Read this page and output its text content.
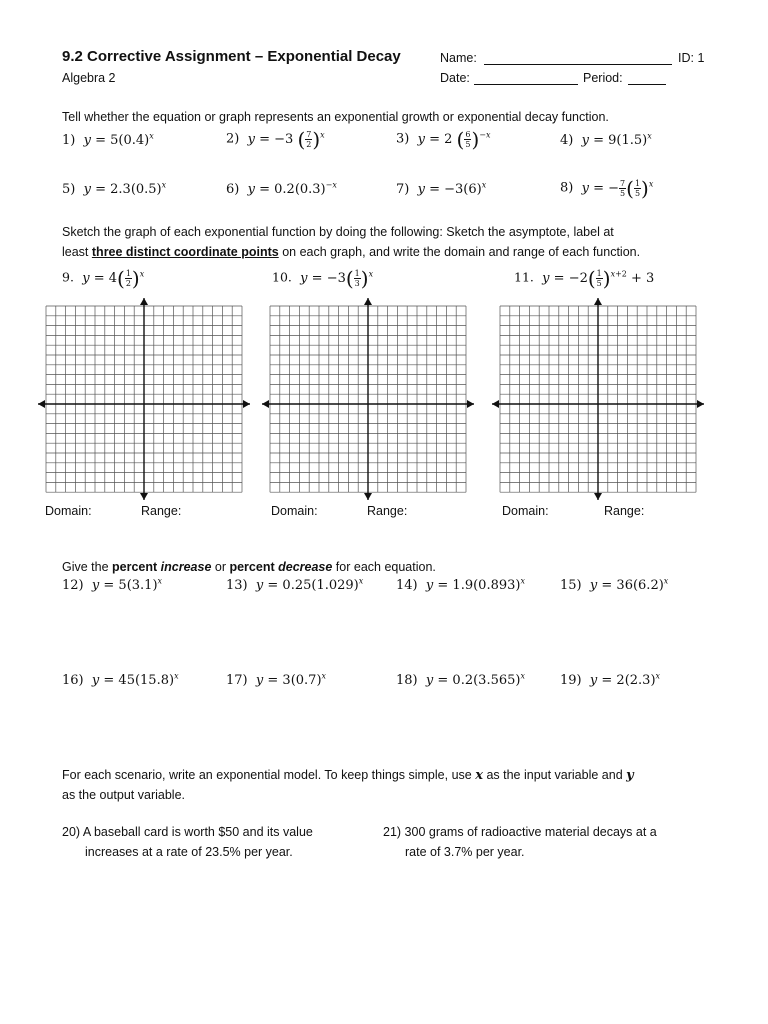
9.2 Corrective Assignment – Exponential Decay
Algebra 2
Name:	ID: 1
Date:	Period:
Tell whether the equation or graph represents an exponential growth or exponential decay function.
1) $y = 5(0.4)^x$	2) y = −3 ( $\frac{7}{2} )^x$	3) y = 2 ( $\frac{6}{5} )^{-x}$	4) $y = 9(1.5)^x$
5) $y = 2.3(0.5)^x$	6) $y = 0.2(0.3)^{-x}$	7) $y = -3(6)^x$	8) y = − $\frac{7}{5}$ ( $\frac{1}{5} )^x$
Sketch the graph of each exponential function by doing the following: Sketch the asymptote, label at
least three distinct coordinate points on each graph, and write the domain and range of each function.
9. $y = 4( \frac{1}{2} )^x$	10. $y = -3( \frac{1}{3} )^x$	11. $y = -2( \frac{1}{5} )^{x+2} + 3$
Domain:	Range:	Domain:	Range:	Domain:	Range:
Give the percent increase or percent decrease for each equation.
12) $y = 5(3.1)^x$	13) $y = 0.25(1.029)^x$	14) $y = 1.9(0.893)^x$	15) $y = 36(6.2)^x$
16) $y = 45(15.8)^x$	17) $y = 3(0.7)^x$	18) $y = 0.2(3.565)^x$	19) $y = 2(2.3)^x$
For each scenario, write an exponential model. To keep things simple, use x as the input variable and y
as the output variable.
20) A baseball card is worth $50 and its value
increases at a rate of 23.5% per year.
21) 300 grams of radioactive material decays at a
rate of 3.7% per year.
